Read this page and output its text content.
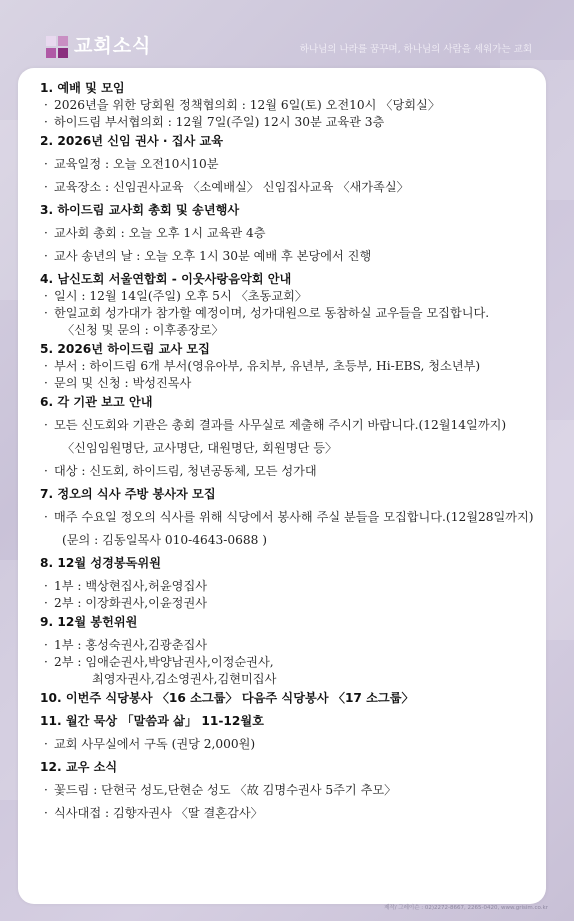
교회소식	하나님의 나라를 꿈꾸며, 하나님의 사람을 세워가는 교회

1. 예배 및 모임
· 2026년을 위한 당회원 정책협의회 : 12월 6일(토) 오전10시 〈당회실〉
· 하이드림 부서협의회 : 12월 7일(주일) 12시 30분 교육관 3층
2. 2026년 신임 권사 · 집사 교육
· 교육일정 : 오늘 오전10시10분
· 교육장소 : 신임권사교육 〈소예배실〉 신임집사교육 〈새가족실〉
3. 하이드림 교사회 총회 및 송년행사
· 교사회 총회 : 오늘 오후 1시 교육관 4층
· 교사 송년의 날 : 오늘 오후 1시 30분 예배 후 본당에서 진행
4. 남신도회 서울연합회 - 이웃사랑음악회 안내
· 일시 : 12월 14일(주일) 오후 5시 〈초동교회〉
· 한일교회 성가대가 참가할 예정이며, 성가대원으로 동참하실 교우들을 모집합니다.
〈신청 및 문의 : 이후종장로〉
5. 2026년 하이드림 교사 모집
· 부서 : 하이드림 6개 부서(영유아부, 유치부, 유년부, 초등부, Hi-EBS, 청소년부)
· 문의 및 신청 : 박성진목사
6. 각 기관 보고 안내
· 모든 신도회와 기관은 총회 결과를 사무실로 제출해 주시기 바랍니다.(12월14일까지)
〈신임임원명단, 교사명단, 대원명단, 회원명단 등〉
· 대상 : 신도회, 하이드림, 청년공동체, 모든 성가대
7. 정오의 식사 주방 봉사자 모집
· 매주 수요일 정오의 식사를 위해 식당에서 봉사해 주실 분들을 모집합니다.(12월28일까지)
(문의 : 김동일목사 010-4643-0688 )
8. 12월 성경봉독위원
· 1부 : 백상현집사,허윤영집사
· 2부 : 이장화권사,이윤정권사
9. 12월 봉헌위원
· 1부 : 홍성숙권사,김광춘집사
· 2부 : 임애순권사,박양남권사,이정순권사,
최영자권사,김소영권사,김현미집사
10. 이번주 식당봉사 〈16 소그룹〉 다음주 식당봉사 〈17 소그룹〉
11. 월간 묵상 「말씀과 삶」 11-12월호
· 교회 사무실에서 구독 (권당 2,000원)
12. 교우 소식
· 꽃드림 : 단현국 성도,단현순 성도 〈故 김명수권사 5주기 추모〉
· 식사대접 : 김향자권사 〈딸 결혼감사〉

제작/ 그레이슨 : 02)2272-8667, 2265-0420, www.grisim.co.kr
